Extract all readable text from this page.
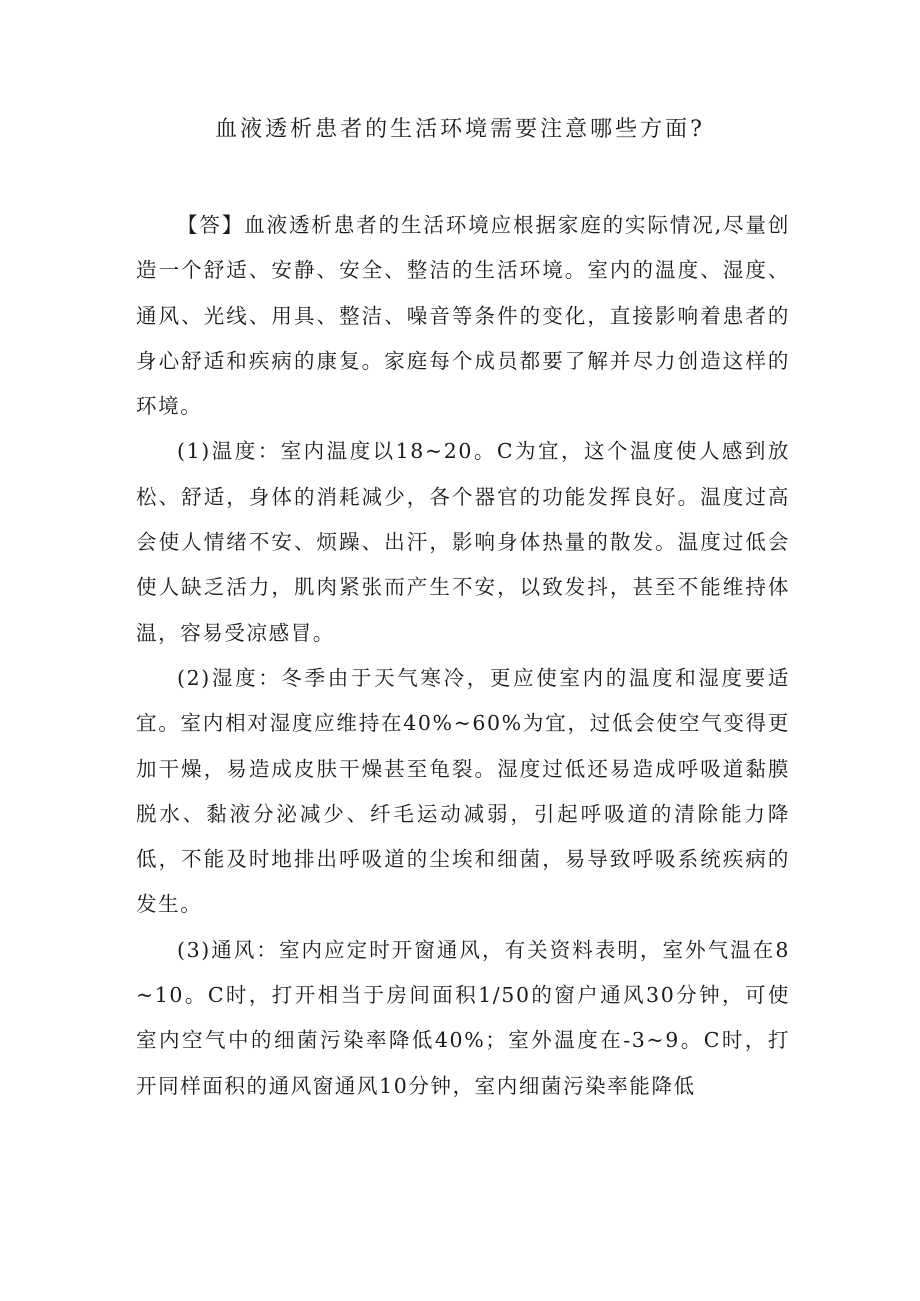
血液透析患者的生活环境需要注意哪些方面?

【答】血液透析患者的生活环境应根据家庭的实际情况,尽量创造一个舒适、安静、安全、整洁的生活环境。室内的温度、湿度、通风、光线、用具、整洁、噪音等条件的变化，直接影响着患者的身心舒适和疾病的康复。家庭每个成员都要了解并尽力创造这样的环境。

(1)温度：室内温度以18~20。C为宜，这个温度使人感到放松、舒适，身体的消耗减少，各个器官的功能发挥良好。温度过高会使人情绪不安、烦躁、出汗，影响身体热量的散发。温度过低会使人缺乏活力，肌肉紧张而产生不安，以致发抖，甚至不能维持体温，容易受凉感冒。

(2)湿度：冬季由于天气寒冷，更应使室内的温度和湿度要适宜。室内相对湿度应维持在40%~60%为宜，过低会使空气变得更加干燥，易造成皮肤干燥甚至龟裂。湿度过低还易造成呼吸道黏膜脱水、黏液分泌减少、纤毛运动减弱，引起呼吸道的清除能力降低，不能及时地排出呼吸道的尘埃和细菌，易导致呼吸系统疾病的发生。

(3)通风：室内应定时开窗通风，有关资料表明，室外气温在8~10。C时，打开相当于房间面积1/50的窗户通风30分钟，可使室内空气中的细菌污染率降低40%；室外温度在-3~9。C时，打开同样面积的通风窗通风10分钟，室内细菌污染率能降低
